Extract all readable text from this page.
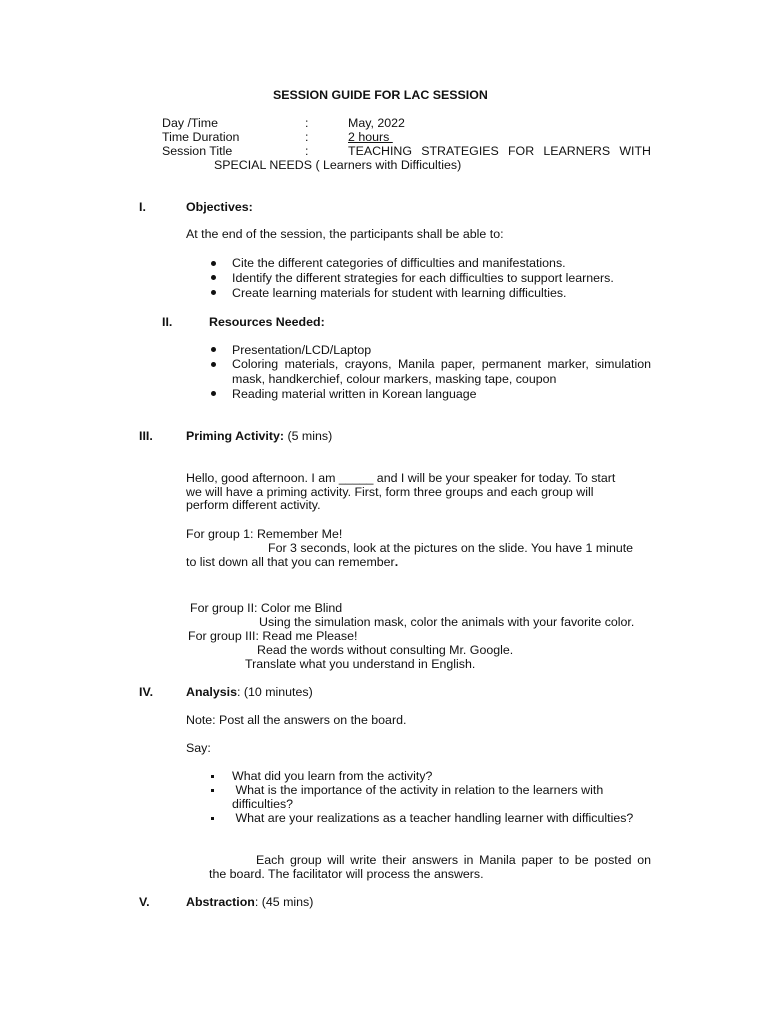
SESSION GUIDE FOR LAC SESSION
Day /Time	:	May, 2022
Time Duration	:	2 hours
Session Title	:	TEACHING STRATEGIES FOR LEARNERS WITH
SPECIAL NEEDS ( Learners with Difficulties)
I.	Objectives:
At the end of the session, the participants shall be able to:
Cite the different categories of difficulties and manifestations.
Identify the different strategies for each difficulties to support learners.
Create learning materials for student with learning difficulties.
II.	Resources Needed:
Presentation/LCD/Laptop
Coloring materials, crayons, Manila paper, permanent marker, simulation
mask, handkerchief, colour markers, masking tape, coupon
Reading material written in Korean language
III.	Priming Activity: (5 mins)
Hello, good afternoon. I am _____ and I will be your speaker for today. To start
we will have a priming activity. First, form three groups and each group will
perform different activity.
For group 1: Remember Me!
For 3 seconds, look at the pictures on the slide. You have 1 minute
to list down all that you can remember.
For group II: Color me Blind
Using the simulation mask, color the animals with your favorite color.
For group III: Read me Please!
Read the words without consulting Mr. Google.
Translate what you understand in English.
IV.	Analysis: (10 minutes)
Note: Post all the answers on the board.
Say:
What did you learn from the activity?
What is the importance of the activity in relation to the learners with
difficulties?
What are your realizations as a teacher handling learner with difficulties?
Each group will write their answers in Manila paper to be posted on
the board. The facilitator will process the answers.
V.	Abstraction: (45 mins)
